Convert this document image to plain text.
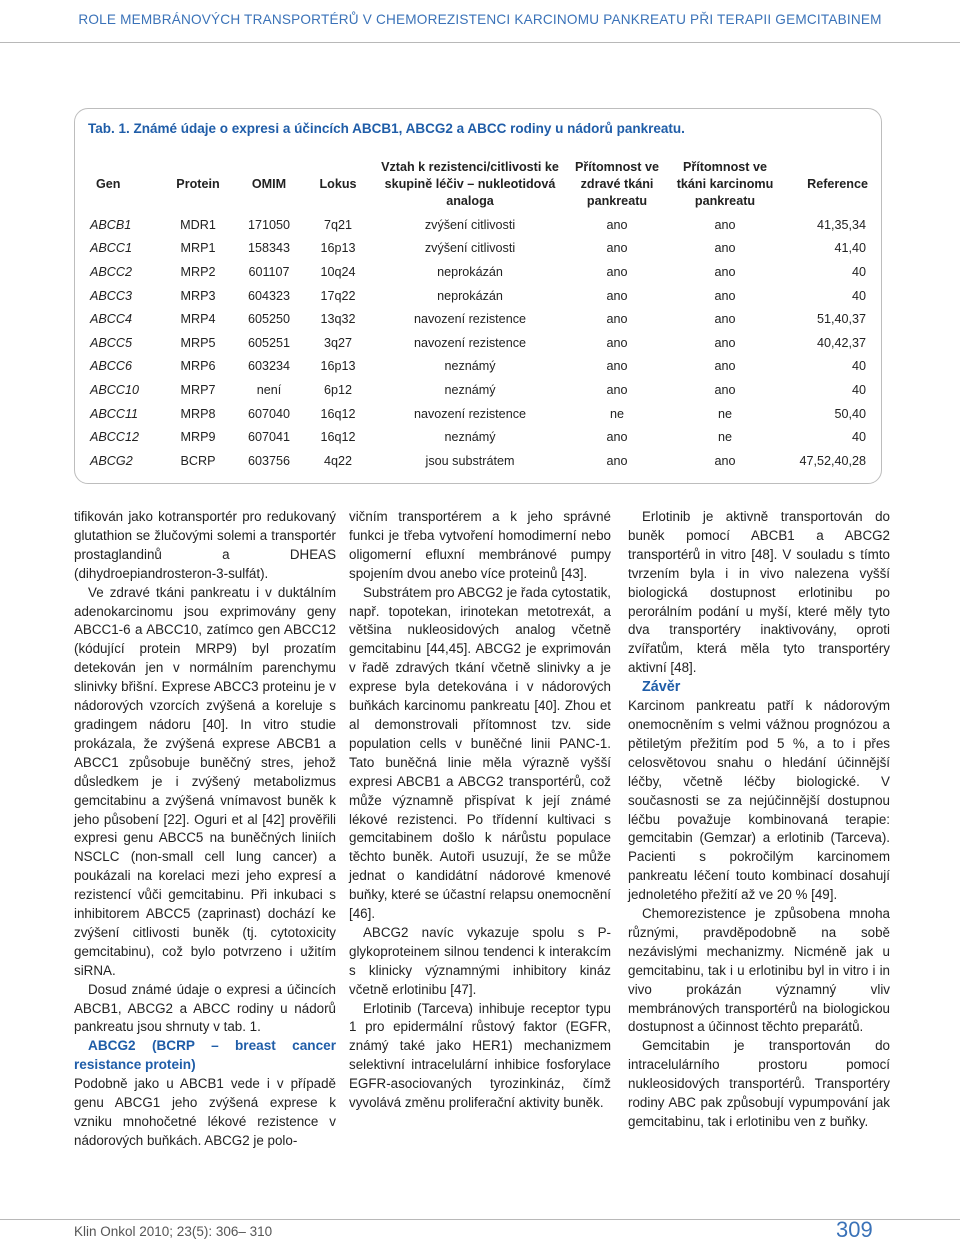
ROLE MEMBRÁNOVÝCH TRANSPORTÉRŮ V CHEMOREZISTENCI KARCINOMU PANKREATU PŘI TERAPII GEMCITABINEM
Tab. 1. Známé údaje o expresi a účincích ABCB1, ABCG2 a ABCC rodiny u nádorů pankreatu.
Gen	Protein	OMIM	Lokus	Vztah k rezistenci/citlivosti ke skupině léčiv – nukleotidová analoga	Přítomnost ve zdravé tkáni pankreatu	Přítomnost ve tkáni karcinomu pankreatu	Reference
ABCB1	MDR1	171050	7q21	zvýšení citlivosti	ano	ano	41,35,34
ABCC1	MRP1	158343	16p13	zvýšení citlivosti	ano	ano	41,40
ABCC2	MRP2	601107	10q24	neprokázán	ano	ano	40
ABCC3	MRP3	604323	17q22	neprokázán	ano	ano	40
ABCC4	MRP4	605250	13q32	navození rezistence	ano	ano	51,40,37
ABCC5	MRP5	605251	3q27	navození rezistence	ano	ano	40,42,37
ABCC6	MRP6	603234	16p13	neznámý	ano	ano	40
ABCC10	MRP7	není	6p12	neznámý	ano	ano	40
ABCC11	MRP8	607040	16q12	navození rezistence	ne	ne	50,40
ABCC12	MRP9	607041	16q12	neznámý	ano	ne	40
ABCG2	BCRP	603756	4q22	jsou substrátem	ano	ano	47,52,40,28

tifikován jako kotransportér pro redukovaný glutathion se žlučovými solemi a transportér prostaglandinů a DHEAS (dihydroepiandrosteron-3-sulfát).

Ve zdravé tkáni pankreatu i v duktálním adenokarcinomu jsou exprimovány geny ABCC1-6 a ABCC10, zatímco gen ABCC12 (kódující protein MRP9) byl prozatím detekován jen v normálním parenchymu slinivky břišní. Exprese ABCC3 proteinu je v nádorových vzorcích zvýšená a koreluje s gradingem nádoru [40]. In vitro studie prokázala, že zvýšená exprese ABCB1 a ABCC1 způsobuje buněčný stres, jehož důsledkem je i zvýšený metabolizmus gemcitabinu a zvýšená vnímavost buněk k jeho působení [22]. Oguri et al [42] prověřili expresi genu ABCC5 na buněčných liniích NSCLC (non-small cell lung cancer) a poukázali na korelaci mezi jeho expresí a rezistencí vůči gemcitabinu. Při inkubaci s inhibitorem ABCC5 (zaprinast) dochází ke zvýšení citlivosti buněk (tj. cytotoxicity gemcitabinu), což bylo potvrzeno i užitím siRNA.

Dosud známé údaje o expresi a účincích ABCB1, ABCG2 a ABCC rodiny u nádorů pankreatu jsou shrnuty v tab. 1.

ABCG2 (BCRP – breast cancer resistance protein)

Podobně jako u ABCB1 vede i v případě genu ABCG1 jeho zvýšená exprese k vzniku mnohočetné lékové rezistence v nádorových buňkách. ABCG2 je polo-

vičním transportérem a k jeho správné funkci je třeba vytvoření homodimerní nebo oligomerní efluxní membránové pumpy spojením dvou anebo více proteinů [43].

Substrátem pro ABCG2 je řada cytostatik, např. topotekan, irinotekan metotrexát, a většina nukleosidových analog včetně gemcitabinu [44,45]. ABCG2 je exprimován v řadě zdravých tkání včetně slinivky a je exprese byla detekována i v nádorových buňkách karcinomu pankreatu [40]. Zhou et al demonstrovali přítomnost tzv. side population cells v buněčné linii PANC-1. Tato buněčná linie měla výrazně vyšší expresi ABCB1 a ABCG2 transportérů, což může významně přispívat k její známé lékové rezistenci. Po třídenní kultivaci s gemcitabinem došlo k nárůstu populace těchto buněk. Autoři usuzují, že se může jednat o kandidátní nádorové kmenové buňky, které se účastní relapsu onemocnění [46].

ABCG2 navíc vykazuje spolu s P-glykoproteinem silnou tendenci k interakcím s klinicky významnými inhibitory kináz včetně erlotinibu [47].

Erlotinib (Tarceva) inhibuje receptor typu 1 pro epidermální růstový faktor (EGFR, známý také jako HER1) mechanizmem selektivní intracelulární inhibice fosforylace EGFR-asociovaných tyrozinkináz, čímž vyvolává změnu proliferační aktivity buněk.

Erlotinib je aktivně transportován do buněk pomocí ABCB1 a ABCG2 transportérů in vitro [48]. V souladu s tímto tvrzením byla i in vivo nalezena vyšší biologická dostupnost erlotinibu po perorálním podání u myší, které měly tyto dva transportéry inaktivovány, oproti zvířatům, která měla tyto transportéry aktivní [48].

Závěr

Karcinom pankreatu patří k nádorovým onemocněním s velmi vážnou prognózou a pětiletým přežitím pod 5 %, a to i přes celosvětovou snahu o hledání účinnější léčby, včetně léčby biologické. V současnosti se za nejúčinnější dostupnou léčbu považuje kombinovaná terapie: gemcitabin (Gemzar) a erlotinib (Tarceva). Pacienti s pokročilým karcinomem pankreatu léčení touto kombinací dosahují jednoletého přežití až ve 20 % [49].

Chemorezistence je způsobena mnoha různými, pravděpodobně na sobě nezávislými mechanizmy. Nicméně jak u gemcitabinu, tak i u erlotinibu byl in vitro i in vivo prokázán významný vliv membránových transportérů na biologickou dostupnost a účinnost těchto preparátů.

Gemcitabin je transportován do intracelulárního prostoru pomocí nukleosidových transportérů. Transportéry rodiny ABC pak způsobují vypumpování jak gemcitabinu, tak i erlotinibu ven z buňky.

Klin Onkol 2010; 23(5): 306– 310	309
